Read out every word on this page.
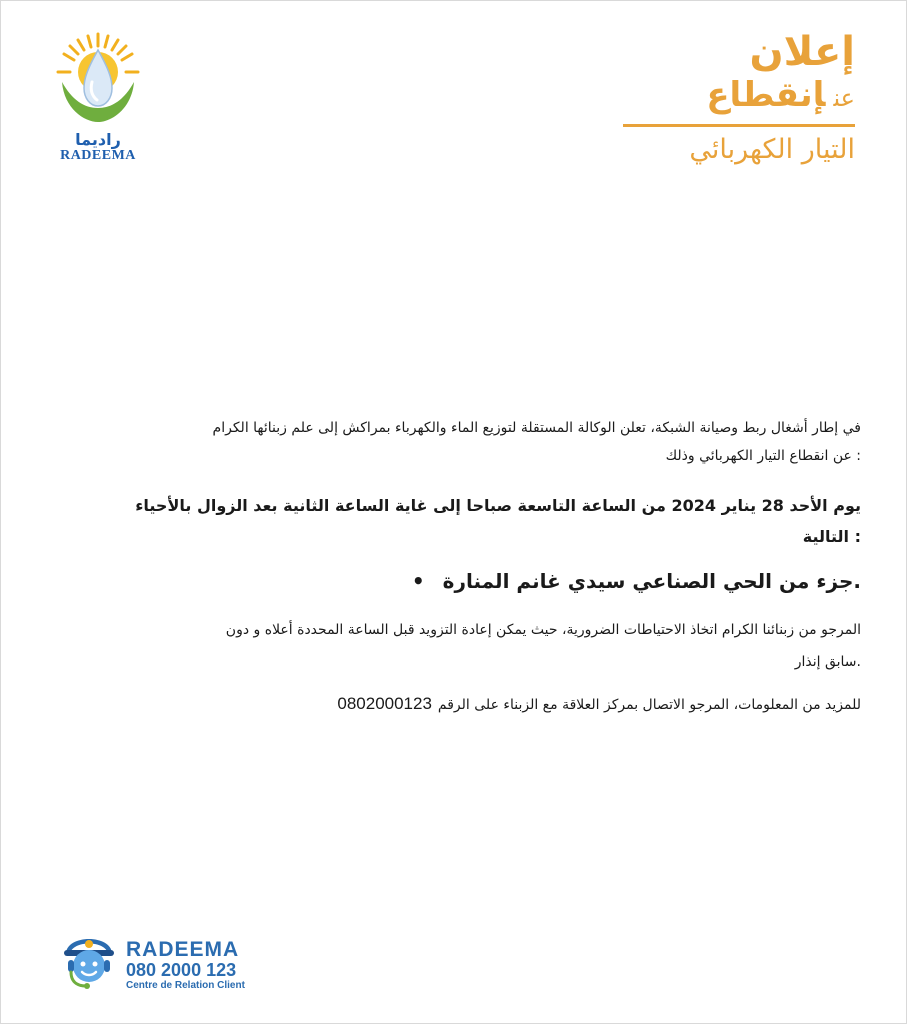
راديما
RADEEMA
إعلان
عنإنقطاع
التيار الكهربائي
في إطار أشغال ربط وصيانة الشبكة، تعلن الوكالة المستقلة لتوزيع الماء والكهرباء بمراكش إلى علم زبنائها الكرام
: عن انقطاع التيار الكهربائي وذلك
يوم الأحد 28 يناير 2024 من الساعة التاسعة صباحا إلى غاية الساعة الثانية بعد الزوال بالأحياء
: التالية
.جزء من الحي الصناعي سيدي غانم المنارة•
المرجو من زبنائنا الكرام اتخاذ الاحتياطات الضرورية، حيث يمكن إعادة التزويد قبل الساعة المحددة أعلاه و دون
.سابق إنذار
للمزيد من المعلومات، المرجو الاتصال بمركز العلاقة مع الزبناء على الرقم0802000123
RADEEMA
080 2000 123
Centre de Relation Client
